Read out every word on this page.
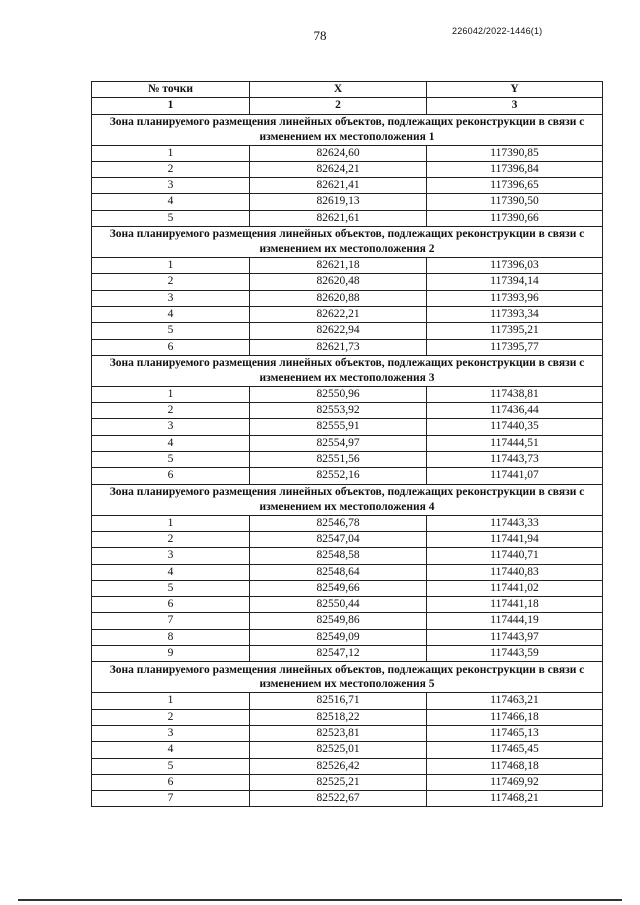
78	226042/2022-1446(1)
№ точки	X	Y
1	2	3
Зона планируемого размещения линейных объектов, подлежащих реконструкции в связи с изменением их местоположения 1		
1	82624,60	117390,85
2	82624,21	117396,84
3	82621,41	117396,65
4	82619,13	117390,50
5	82621,61	117390,66
Зона планируемого размещения линейных объектов, подлежащих реконструкции в связи с изменением их местоположения 2		
1	82621,18	117396,03
2	82620,48	117394,14
3	82620,88	117393,96
4	82622,21	117393,34
5	82622,94	117395,21
6	82621,73	117395,77
Зона планируемого размещения линейных объектов, подлежащих реконструкции в связи с изменением их местоположения 3		
1	82550,96	117438,81
2	82553,92	117436,44
3	82555,91	117440,35
4	82554,97	117444,51
5	82551,56	117443,73
6	82552,16	117441,07
Зона планируемого размещения линейных объектов, подлежащих реконструкции в связи с изменением их местоположения 4		
1	82546,78	117443,33
2	82547,04	117441,94
3	82548,58	117440,71
4	82548,64	117440,83
5	82549,66	117441,02
6	82550,44	117441,18
7	82549,86	117444,19
8	82549,09	117443,97
9	82547,12	117443,59
Зона планируемого размещения линейных объектов, подлежащих реконструкции в связи с изменением их местоположения 5		
1	82516,71	117463,21
2	82518,22	117466,18
3	82523,81	117465,13
4	82525,01	117465,45
5	82526,42	117468,18
6	82525,21	117469,92
7	82522,67	117468,21
